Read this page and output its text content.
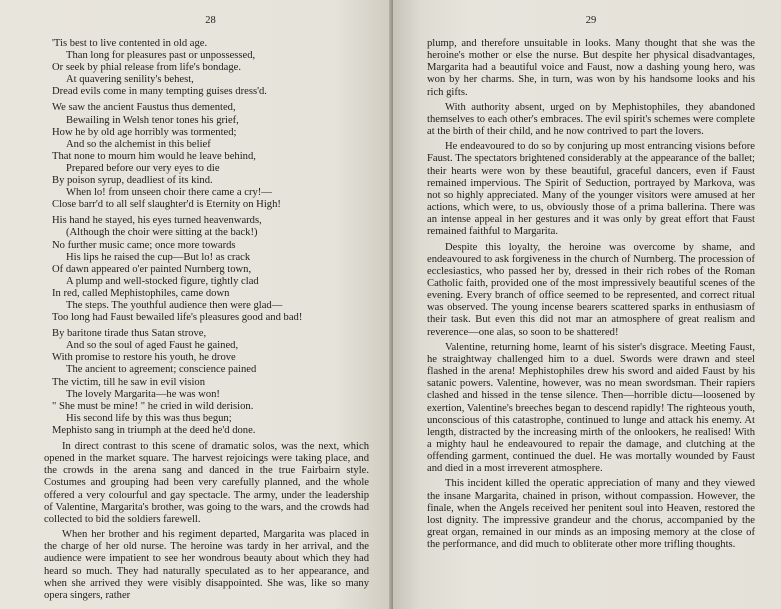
28
'Tis best to live contented in old age.
Than long for pleasures past or unpossessed,
Or seek by phial release from life's bondage.
At quavering senility's behest,
Dread evils come in many tempting guises dress'd.
We saw the ancient Faustus thus demented,
Bewailing in Welsh tenor tones his grief,
How he by old age horribly was tormented;
And so the alchemist in this belief
That none to mourn him would he leave behind,
Prepared before our very eyes to die
By poison syrup, deadliest of its kind.
When lo! from unseen choir there came a cry!—
Close barr'd to all self slaughter'd is Eternity on High!
His hand he stayed, his eyes turned heavenwards,
(Although the choir were sitting at the back!)
No further music came; once more towards
His lips he raised the cup—But lo! as crack
Of dawn appeared o'er painted Nurnberg town,
A plump and well-stocked figure, tightly clad
In red, called Mephistophiles, came down
The steps. The youthful audience then were glad—
Too long had Faust bewailed life's pleasures good and bad!
By baritone tirade thus Satan strove,
And so the soul of aged Faust he gained,
With promise to restore his youth, he drove
The ancient to agreement; conscience pained
The victim, till he saw in evil vision
The lovely Margarita—he was won!
" She must be mine! " he cried in wild derision.
His second life by this was thus begun;
Mephisto sang in triumph at the deed he'd done.

In direct contrast to this scene of dramatic solos, was the next, which opened in the market square. The harvest rejoicings were taking place, and the crowds in the arena sang and danced in the true Fairbairn style. Costumes and grouping had been very carefully planned, and the whole offered a very colourful and gay spectacle. The army, under the leadership of Valentine, Margarita's brother, was going to the wars, and the crowds had collected to bid the soldiers farewell.

When her brother and his regiment departed, Margarita was placed in the charge of her old nurse. The heroine was tardy in her arrival, and the audience were impatient to see her wondrous beauty about which they had heard so much. They had naturally speculated as to her appearance, and when she arrived they were visibly disappointed. She was, like so many opera singers, rather

29

plump, and therefore unsuitable in looks. Many thought that she was the heroine's mother or else the nurse. But despite her physical disadvantages, Margarita had a beautiful voice and Faust, now a dashing young hero, was won by her charms. She, in turn, was won by his handsome looks and his rich gifts.

With authority absent, urged on by Mephistophiles, they abandoned themselves to each other's embraces. The evil spirit's schemes were complete at the birth of their child, and he now contrived to part the lovers.

He endeavoured to do so by conjuring up most entrancing visions before Faust. The spectators brightened considerably at the appearance of the ballet; their hearts were won by these beautiful, graceful dancers, even if Faust remained impervious. The Spirit of Seduction, portrayed by Markova, was not so highly appreciated. Many of the younger visitors were amused at her actions, which were, to us, obviously those of a prima ballerina. There was an intense appeal in her gestures and it was only by great effort that Faust remained faithful to Margarita.

Despite this loyalty, the heroine was overcome by shame, and endeavoured to ask forgiveness in the church of Nurnberg. The procession of ecclesiastics, who passed her by, dressed in their rich robes of the Roman Catholic faith, provided one of the most impressively beautiful scenes of the evening. Every branch of office seemed to be represented, and correct ritual was observed. The young incense bearers scattered sparks in enthusiasm of their task. But even this did not mar an atmosphere of great realism and reverence—one alas, so soon to be shattered!

Valentine, returning home, learnt of his sister's disgrace. Meeting Faust, he straightway challenged him to a duel. Swords were drawn and steel flashed in the arena! Mephistophiles drew his sword and aided Faust by his satanic powers. Valentine, however, was no mean swordsman. Their rapiers clashed and hissed in the tense silence. Then—horrible dictu—loosened by exertion, Valentine's breeches began to descend rapidly! The righteous youth, unconscious of this catastrophe, continued to lunge and attack his enemy. At length, distracted by the increasing mirth of the onlookers, he realised! With a mighty haul he endeavoured to repair the damage, and clutching at the offending garment, continued the duel. He was mortally wounded by Faust and died in a most irreverent atmosphere.

This incident killed the operatic appreciation of many and they viewed the insane Margarita, chained in prison, without compassion. However, the finale, when the Angels received her penitent soul into Heaven, restored the lost dignity. The impressive grandeur and the chorus, accompanied by the great organ, remained in our minds as an imposing memory at the close of the performance, and did much to obliterate other more trifling thoughts.
